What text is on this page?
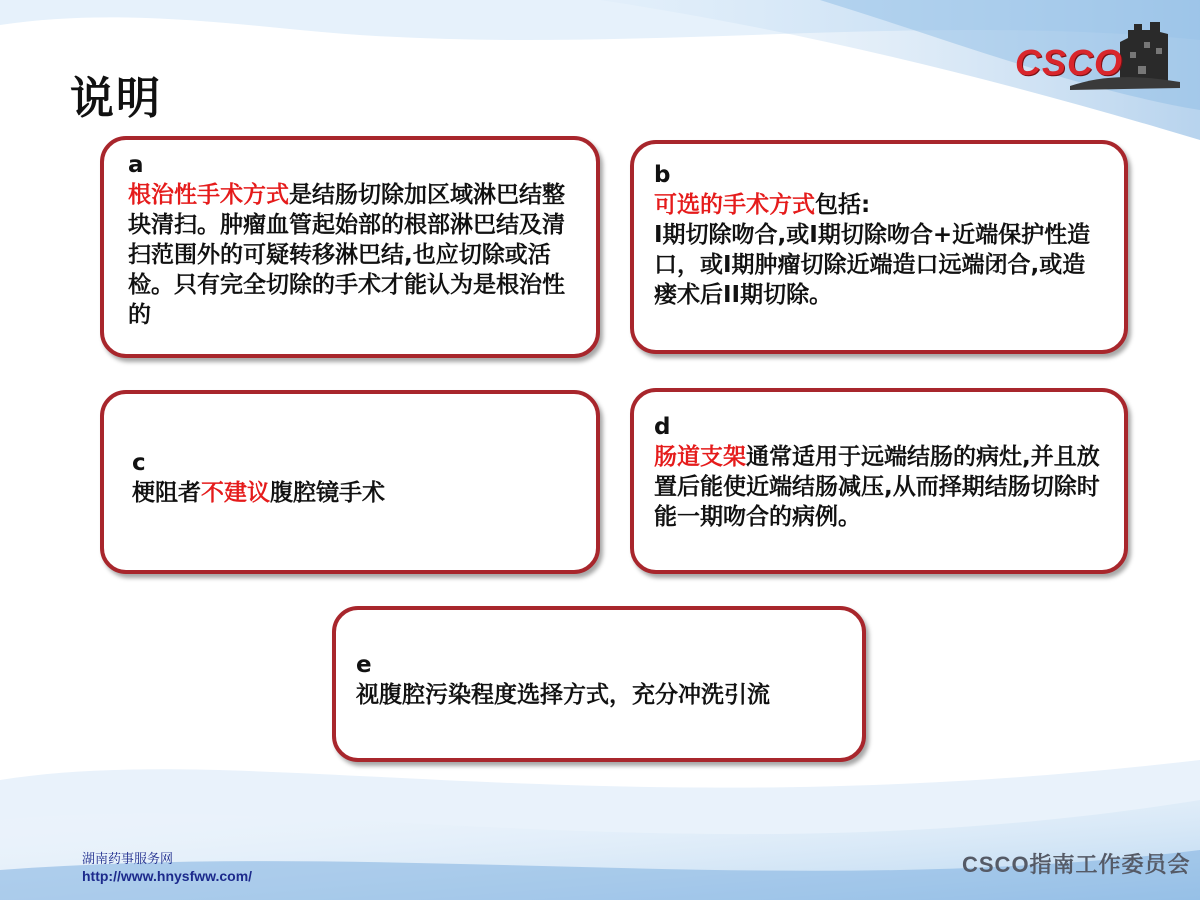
CSCO
说明
a
根治性手术方式是结肠切除加区域淋巴结整块清扫。肿瘤血管起始部的根部淋巴结及清扫范围外的可疑转移淋巴结,也应切除或活检。只有完全切除的手术才能认为是根治性的
b
可选的手术方式包括:
I期切除吻合,或I期切除吻合+近端保护性造口，或I期肿瘤切除近端造口远端闭合,或造瘘术后II期切除。
c
梗阻者不建议腹腔镜手术
d
肠道支架通常适用于远端结肠的病灶,并且放置后能使近端结肠减压,从而择期结肠切除时能一期吻合的病例。
e
视腹腔污染程度选择方式，充分冲洗引流
湖南药事服务网
http://www.hnysfww.com/	CSCO指南工作委员会
